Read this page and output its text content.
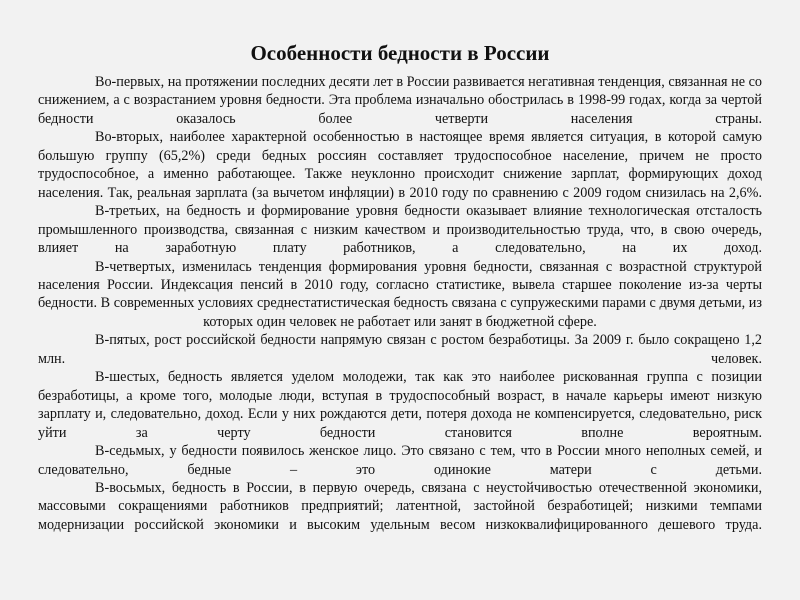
Особенности бедности в России

Во-первых, на протяжении последних десяти лет в России развивается негативная тенденция, связанная не со снижением, а с возрастанием уровня бедности. Эта проблема изначально обострилась в 1998-99 годах, когда за чертой бедности оказалось более четверти населения страны.

Во-вторых, наиболее характерной особенностью в настоящее время является ситуация, в которой самую большую группу (65,2%) среди бедных россиян составляет трудоспособное население, причем не просто трудоспособное, а именно работающее. Также неуклонно происходит снижение зарплат, формирующих доход населения. Так, реальная зарплата (за вычетом инфляции) в 2010 году по сравнению с 2009 годом снизилась на 2,6%.

В-третьих, на бедность и формирование уровня бедности оказывает влияние технологическая отсталость промышленного производства, связанная с низким качеством и производительностью труда, что, в свою очередь, влияет на заработную плату работников, а следовательно, на их доход.

В-четвертых, изменилась тенденция формирования уровня бедности, связанная с возрастной структурой населения России. Индексация пенсий в 2010 году, согласно статистике, вывела старшее поколение из-за черты бедности. В современных условиях среднестатистическая бедность связана с супружескими парами с двумя детьми, из которых один человек не работает или занят в бюджетной сфере.

В-пятых, рост российской бедности напрямую связан с ростом безработицы. За 2009 г. было сокращено 1,2 млн. человек.

В-шестых, бедность является уделом молодежи, так как это наиболее рискованная группа с позиции безработицы, а кроме того, молодые люди, вступая в трудоспособный возраст, в начале карьеры имеют низкую зарплату и, следовательно, доход. Если у них рождаются дети, потеря дохода не компенсируется, следовательно, риск уйти за черту бедности становится вполне вероятным.

В-седьмых, у бедности появилось женское лицо. Это связано с тем, что в России много неполных семей, и следовательно, бедные – это одинокие матери с детьми.

В-восьмых, бедность в России, в первую очередь, связана с неустойчивостью отечественной экономики, массовыми сокращениями работников предприятий; латентной, застойной безработицей; низкими темпами модернизации российской экономики и высоким удельным весом низкоквалифицированного дешевого труда.
